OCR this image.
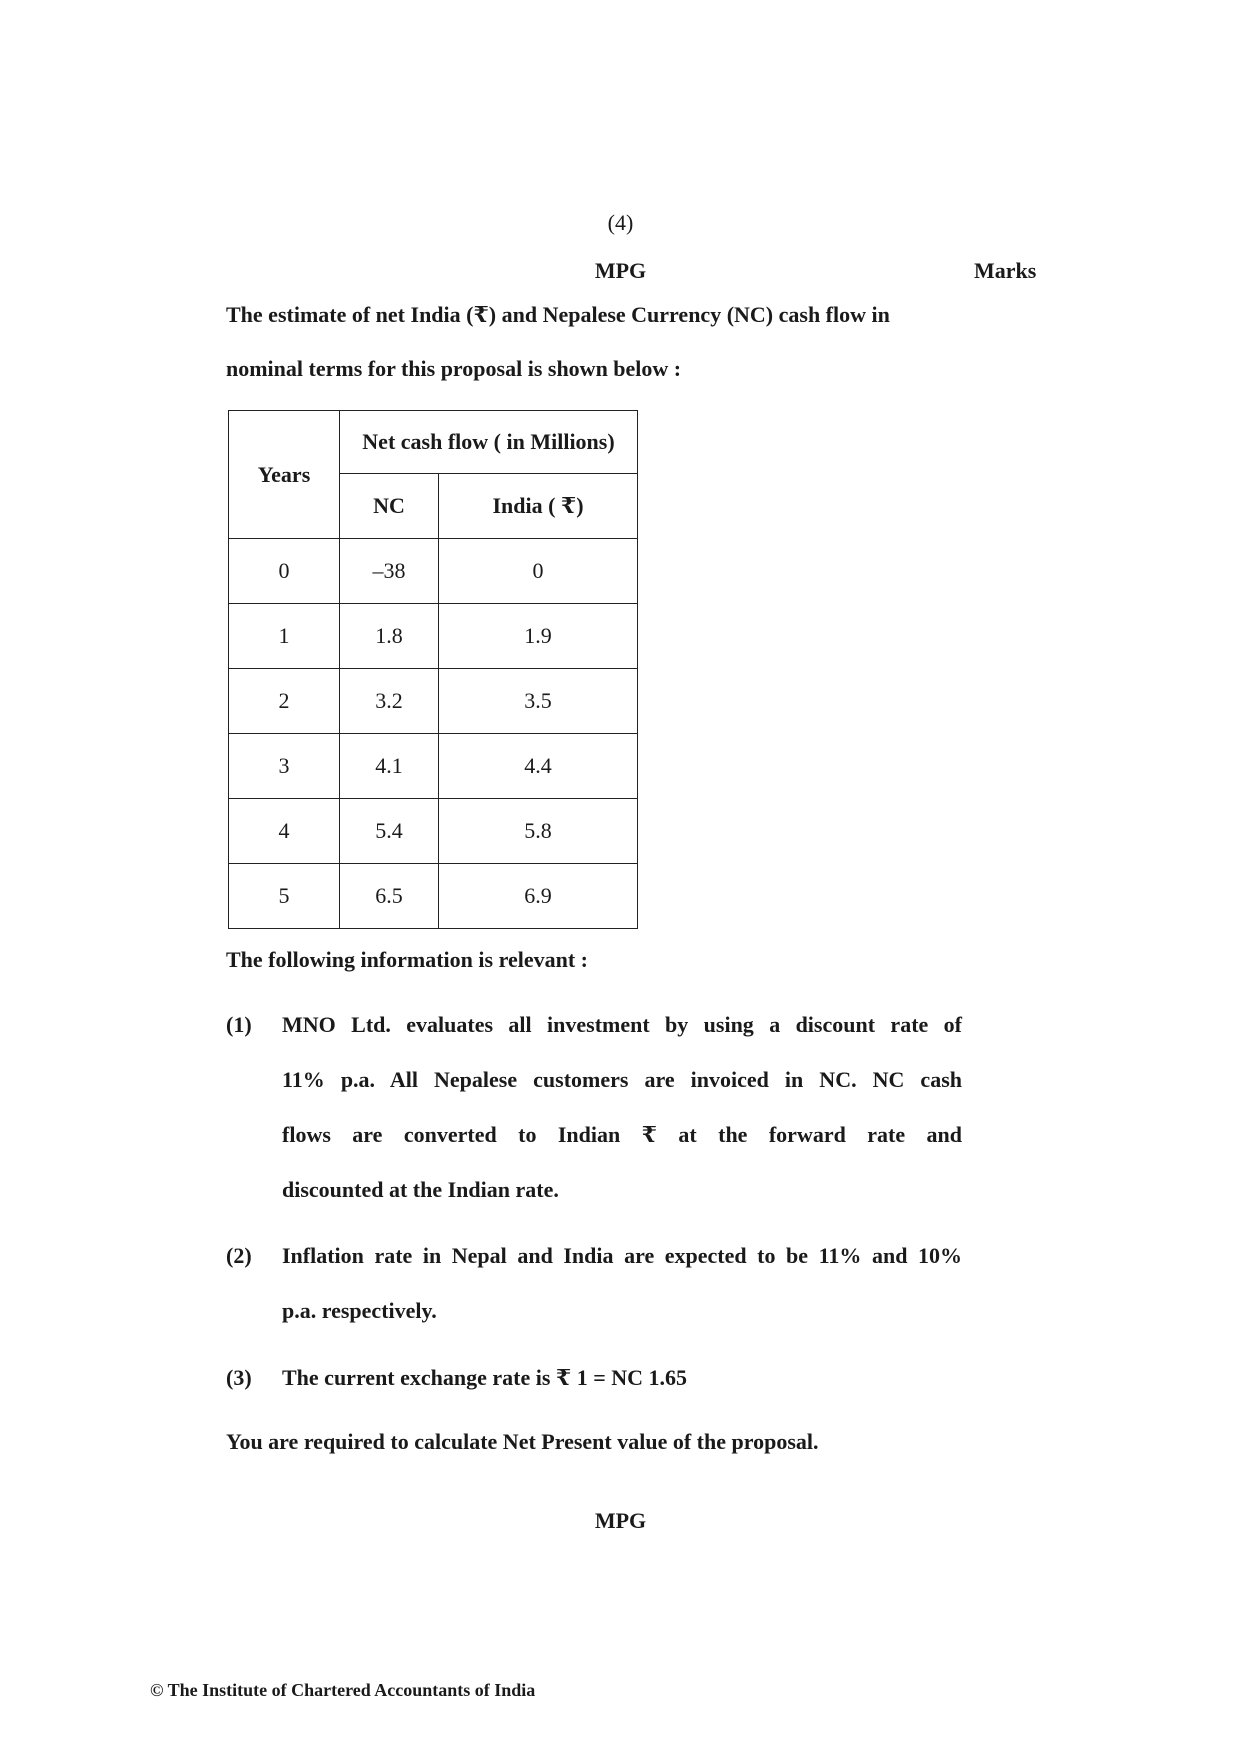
(4)
MPG	Marks
The estimate of net India (₹) and Nepalese Currency (NC) cash flow in
nominal terms for this proposal is shown below :
Years	Net cash flow ( in Millions)	
	NC	India ( ₹)
0	–38	0
1	1.8	1.9
2	3.2	3.5
3	4.1	4.4
4	5.4	5.8
5	6.5	6.9
The following information is relevant :
(1) MNO Ltd. evaluates all investment by using a discount rate of
11% p.a. All Nepalese customers are invoiced in NC. NC cash
flows are converted to Indian ₹ at the forward rate and
discounted at the Indian rate.
(2) Inflation rate in Nepal and India are expected to be 11% and 10%
p.a. respectively.
(3) The current exchange rate is ₹ 1 = NC 1.65
You are required to calculate Net Present value of the proposal.
MPG
© The Institute of Chartered Accountants of India
